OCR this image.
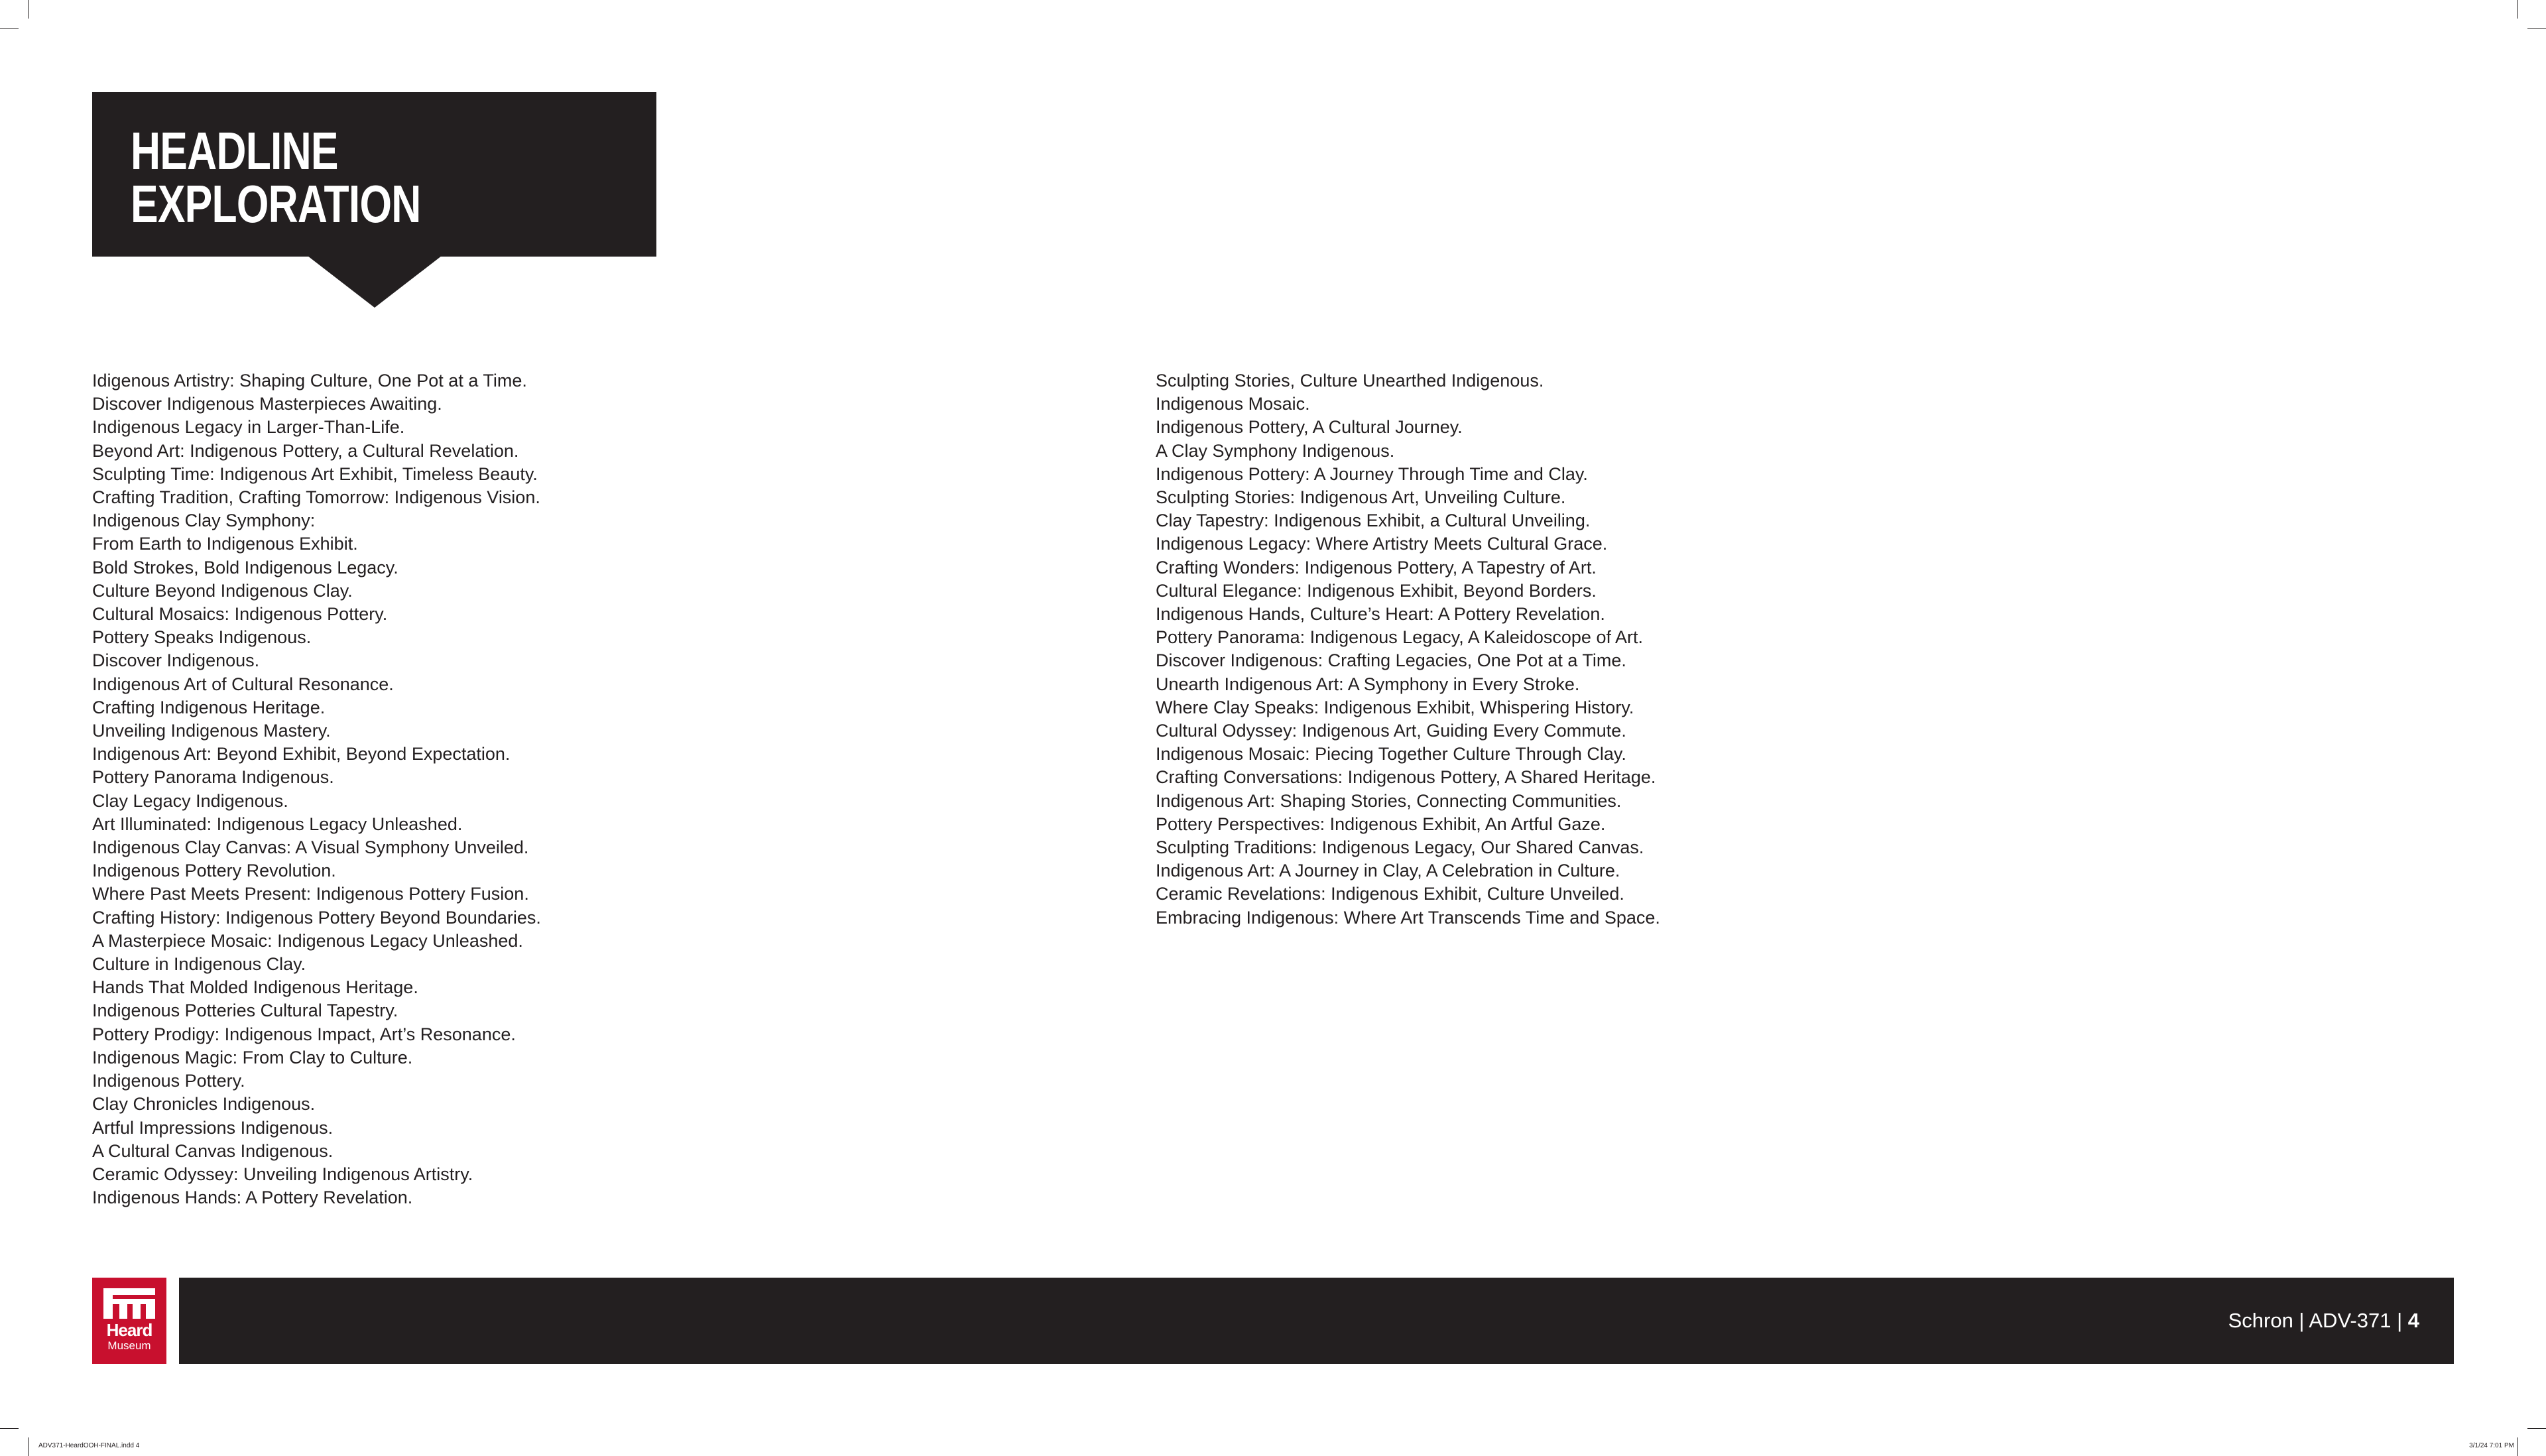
HEADLINE
EXPLORATION
Idigenous Artistry: Shaping Culture, One Pot at a Time.
Discover Indigenous Masterpieces Awaiting.
Indigenous Legacy in Larger-Than-Life.
Beyond Art: Indigenous Pottery, a Cultural Revelation.
Sculpting Time: Indigenous Art Exhibit, Timeless Beauty.
Crafting Tradition, Crafting Tomorrow: Indigenous Vision.
Indigenous Clay Symphony:
From Earth to Indigenous Exhibit.
Bold Strokes, Bold Indigenous Legacy.
Culture Beyond Indigenous Clay.
Cultural Mosaics: Indigenous Pottery.
Pottery Speaks Indigenous.
Discover Indigenous.
Indigenous Art of Cultural Resonance.
Crafting Indigenous Heritage.
Unveiling Indigenous Mastery.
Indigenous Art: Beyond Exhibit, Beyond Expectation.
Pottery Panorama Indigenous.
Clay Legacy Indigenous.
Art Illuminated: Indigenous Legacy Unleashed.
Indigenous Clay Canvas: A Visual Symphony Unveiled.
Indigenous Pottery Revolution.
Where Past Meets Present: Indigenous Pottery Fusion.
Crafting History: Indigenous Pottery Beyond Boundaries.
A Masterpiece Mosaic: Indigenous Legacy Unleashed.
Culture in Indigenous Clay.
Hands That Molded Indigenous Heritage.
Indigenous Potteries Cultural Tapestry.
Pottery Prodigy: Indigenous Impact, Art’s Resonance.
Indigenous Magic: From Clay to Culture.
Indigenous Pottery.
Clay Chronicles Indigenous.
Artful Impressions Indigenous.
A Cultural Canvas Indigenous.
Ceramic Odyssey: Unveiling Indigenous Artistry.
Indigenous Hands: A Pottery Revelation.
Sculpting Stories, Culture Unearthed Indigenous.
Indigenous Mosaic.
Indigenous Pottery, A Cultural Journey.
A Clay Symphony Indigenous.
Indigenous Pottery: A Journey Through Time and Clay.
Sculpting Stories: Indigenous Art, Unveiling Culture.
Clay Tapestry: Indigenous Exhibit, a Cultural Unveiling.
Indigenous Legacy: Where Artistry Meets Cultural Grace.
Crafting Wonders: Indigenous Pottery, A Tapestry of Art.
Cultural Elegance: Indigenous Exhibit, Beyond Borders.
Indigenous Hands, Culture’s Heart: A Pottery Revelation.
Pottery Panorama: Indigenous Legacy, A Kaleidoscope of Art.
Discover Indigenous: Crafting Legacies, One Pot at a Time.
Unearth Indigenous Art: A Symphony in Every Stroke.
Where Clay Speaks: Indigenous Exhibit, Whispering History.
Cultural Odyssey: Indigenous Art, Guiding Every Commute.
Indigenous Mosaic: Piecing Together Culture Through Clay.
Crafting Conversations: Indigenous Pottery, A Shared Heritage.
Indigenous Art: Shaping Stories, Connecting Communities.
Pottery Perspectives: Indigenous Exhibit, An Artful Gaze.
Sculpting Traditions: Indigenous Legacy, Our Shared Canvas.
Indigenous Art: A Journey in Clay, A Celebration in Culture.
Ceramic Revelations: Indigenous Exhibit, Culture Unveiled.
Embracing Indigenous: Where Art Transcends Time and Space.
Heard
Museum
Schron | ADV-371 | 4
ADV371-HeardOOH-FINAL.indd 4	3/1/24 7:01 PM
